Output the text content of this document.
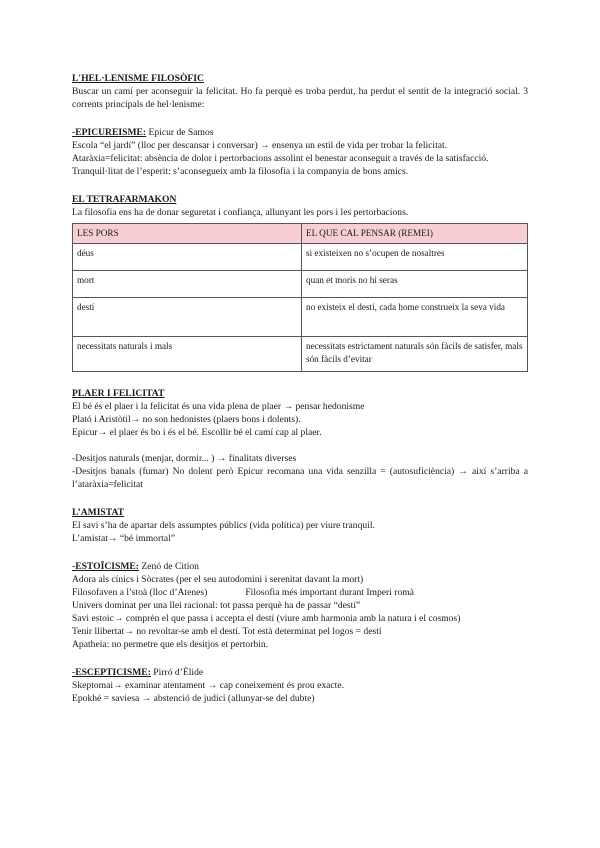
L'HEL·LENISME FILOSÒFIC

Buscar un camí per aconseguir la felicitat. Ho fa perquè es troba perdut, ha perdut el sentit de la integració social. 3 corrents principals de hel·lenisme:

-EPICUREISME: Epicur de Samos

Escola “el jardí” (lloc per descansar i conversar) → ensenya un estil de vida per trobar la felicitat.

Ataràxia=felicitat: absència de dolor i pertorbacions assolint el benestar aconseguit a través de la satisfacció.

Tranquil·litat de l’esperit: s’aconsegueix amb la filosofia i la companyia de bons amics.

EL TETRAFARMAKON

La filosofia ens ha de donar seguretat i confiança, allunyant les pors i les pertorbacions.

LES PORS	EL QUE CAL PENSAR (REMEI)
déus	si existeixen no s’ocupen de nosaltres
mort	quan et moris no hi seras
destí	no existeix el destí, cada home construeix la seva vida
necessitats naturals i mals	necessitats estrictament naturals són fàcils de satisfer, mals són fàcils d’evitar

PLAER I FELICITAT

El bé és el plaer i la felicitat és una vida plena de plaer → pensar hedonisme

Plató i Aristòtil→ no son hedonistes (plaers bons i dolents).

Epicur→ el plaer és bo i és el bé. Escollir bé el camí cap al plaer.

-Desitjos naturals (menjar, dormir... ) → finalitats diverses

-Desitjos banals (fumar) No dolent però Epicur recomana una vida senzilla = (autosuficiència) → així s’arriba a l’ataràxia=felicitat

L’AMISTAT

El savi s’ha de apartar dels assumptes públics (vida política) per viure tranquil.

L’amistat→ “bé immortal”

-ESTOÏCISME: Zenó de Cition

Adora als cínics i Sòcrates (per el seu autodomini i serenitat davant la mort)

Filosofaven a l’stoà (lloc d’Atenes)	Filosofia més important durant Imperi romà

Univers dominat per una llei racional: tot passa perquè ha de passar “destí”

Savi estoic→ comprèn el que passa i accepta el destí (viure amb harmonia amb la natura i el cosmos)

Tenir llibertat→ no revoltar-se amb el destí. Tot està determinat pel logos = destí

Apatheia: no permetre que els desitjos et pertorbin.

-ESCEPTICISME: Pirró d’Èlide

Skeptomai→ examinar atentament → cap coneixement és prou exacte.

Epokhé = saviesa → abstenció de judici (allunyar-se del dubte)
